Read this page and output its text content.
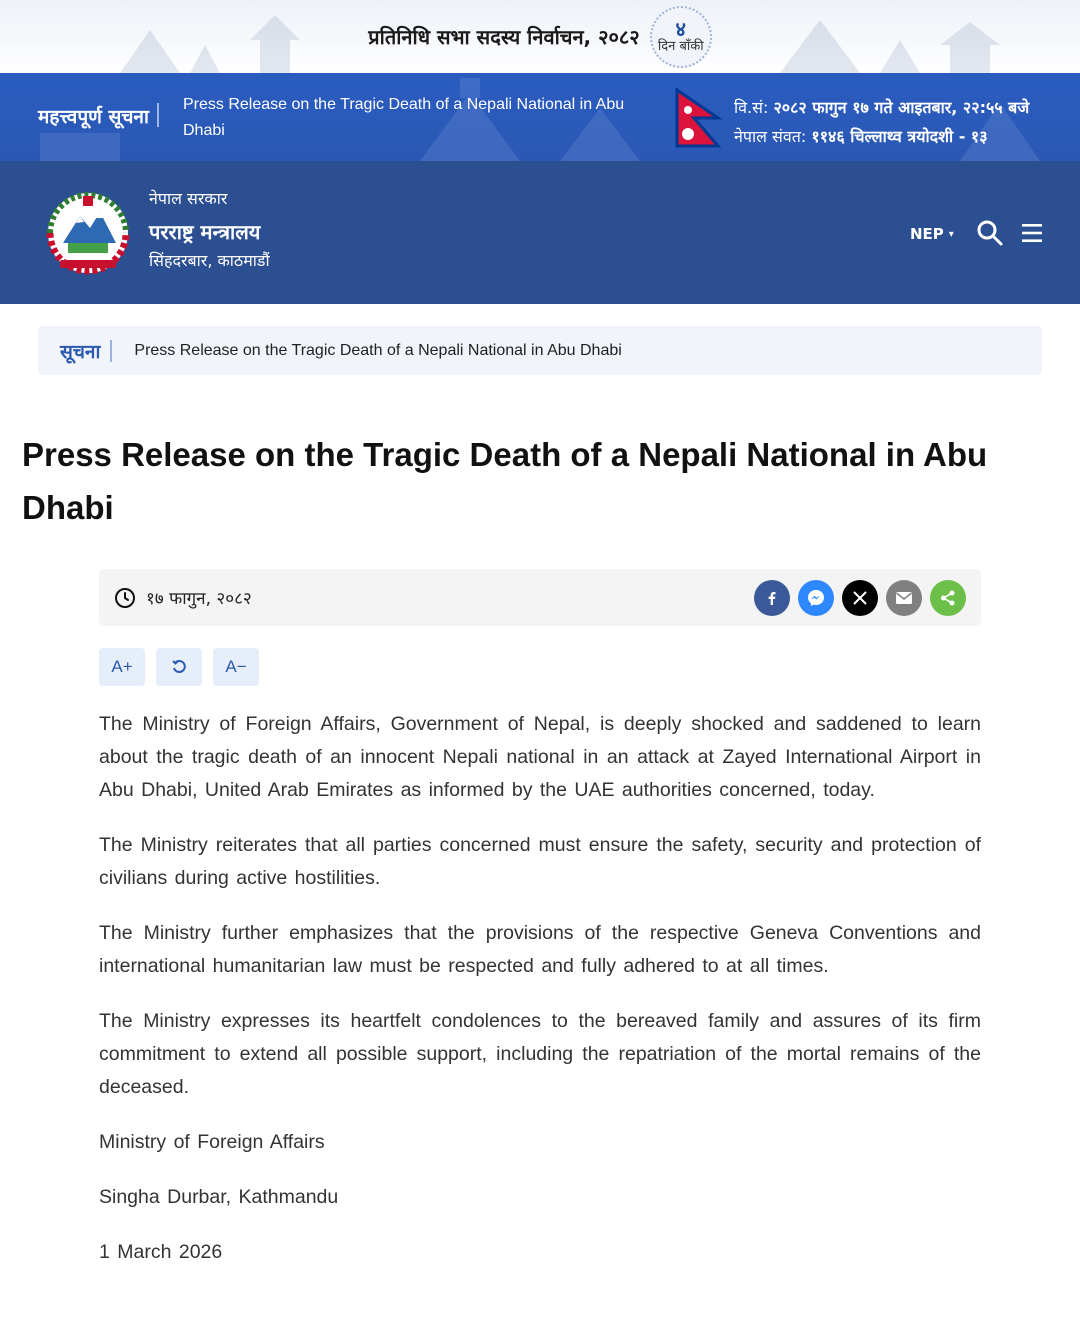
प्रतिनिधि सभा सदस्य निर्वाचन, २०८२ ४
दिन बाँकी
महत्त्वपूर्ण सूचना
Press Release on the Tragic Death of a Nepali National in Abu Dhabi
वि.सं: २०८२ फागुन १७ गते आइतबार, २२:५५ बजे
नेपाल संवत: ११४६ चिल्लाथ्व त्रयोदशी - १३
नेपाल सरकार
परराष्ट्र मन्त्रालय
सिंहदरबार, काठमाडौं
NEP ▾
सूचना Press Release on the Tragic Death of a Nepali National in Abu Dhabi
Press Release on the Tragic Death of a Nepali National in Abu Dhabi
१७ फागुन, २०८२
A+	A−

The Ministry of Foreign Affairs, Government of Nepal, is deeply shocked and saddened to learn about the tragic death of an innocent Nepali national in an attack at Zayed International Airport in Abu Dhabi, United Arab Emirates as informed by the UAE authorities concerned, today.

The Ministry reiterates that all parties concerned must ensure the safety, security and protection of civilians during active hostilities.

The Ministry further emphasizes that the provisions of the respective Geneva Conventions and international humanitarian law must be respected and fully adhered to at all times.

The Ministry expresses its heartfelt condolences to the bereaved family and assures of its firm commitment to extend all possible support, including the repatriation of the mortal remains of the deceased.

Ministry of Foreign Affairs

Singha Durbar, Kathmandu

1 March 2026
